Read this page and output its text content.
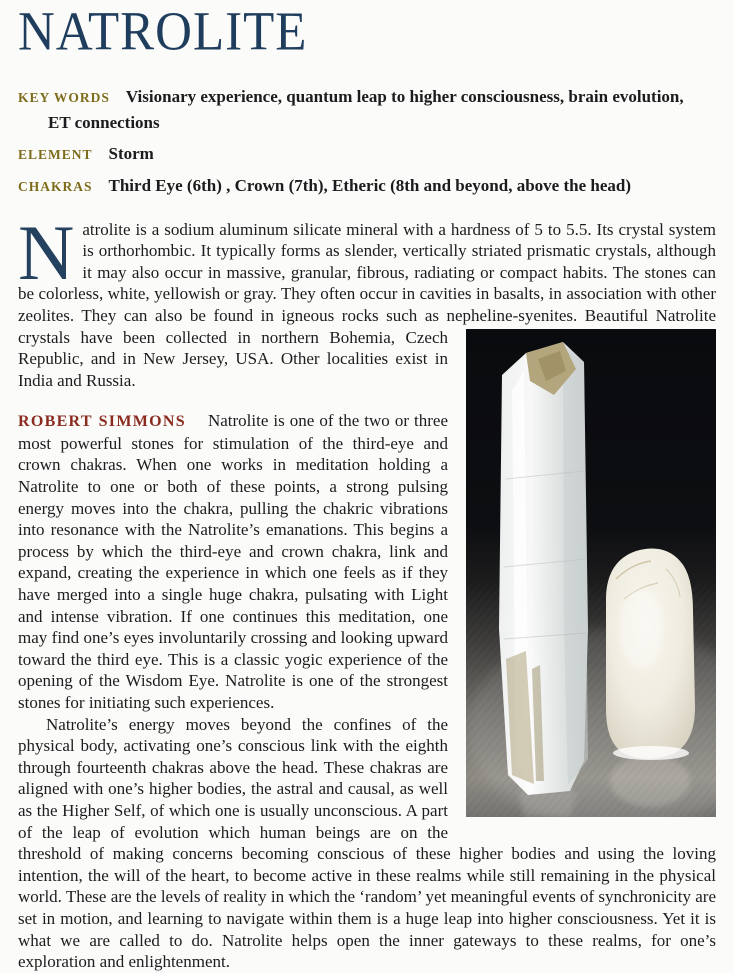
NATROLITE

KEY WORDS Visionary experience, quantum leap to higher consciousness, brain evolution, ET connections

ELEMENT Storm

CHAKRAS Third Eye (6th) , Crown (7th), Etheric (8th and beyond, above the head)

N atrolite is a sodium aluminum silicate mineral with a hardness of 5 to 5.5. Its crystal system is orthorhombic. It typically forms as slender, vertically striated prismatic crystals, although it may also occur in massive, granular, fibrous, radiating or compact habits. The stones can be colorless, white, yellowish or gray. They often occur in cavities in basalts, in association with other zeolites. They can also be found in igneous rocks such as nepheline-syenites. Beautiful Natrolite crystals have been collected in northern Bohemia, Czech Republic, and in New Jersey, USA. Other localities exist in India and Russia.

ROBERT SIMMONS Natrolite is one of the two or three most powerful stones for stimulation of the third-eye and crown chakras. When one works in meditation holding a Natrolite to one or both of these points, a strong pulsing energy moves into the chakra, pulling the chakric vibrations into resonance with the Natrolite’s emanations. This begins a process by which the third-eye and crown chakra, link and expand, creating the experience in which one feels as if they have merged into a single huge chakra, pulsating with Light and intense vibration. If one continues this meditation, one may find one’s eyes involuntarily crossing and looking upward toward the third eye. This is a classic yogic experience of the opening of the Wisdom Eye. Natrolite is one of the strongest stones for initiating such experiences.

Natrolite’s energy moves beyond the confines of the physical body, activating one’s conscious link with the eighth through fourteenth chakras above the head. These chakras are aligned with one’s higher bodies, the astral and causal, as well as the Higher Self, of which one is usually unconscious. A part of the leap of evolution which human beings are on the threshold of making concerns becoming conscious of these higher bodies and using the loving intention, the will of the heart, to become active in these realms while still remaining in the physical world. These are the levels of reality in which the ‘random’ yet meaningful events of synchronicity are set in motion, and learning to navigate within them is a huge leap into higher consciousness. Yet it is what we are called to do. Natrolite helps open the inner gateways to these realms, for one’s exploration and enlightenment.
